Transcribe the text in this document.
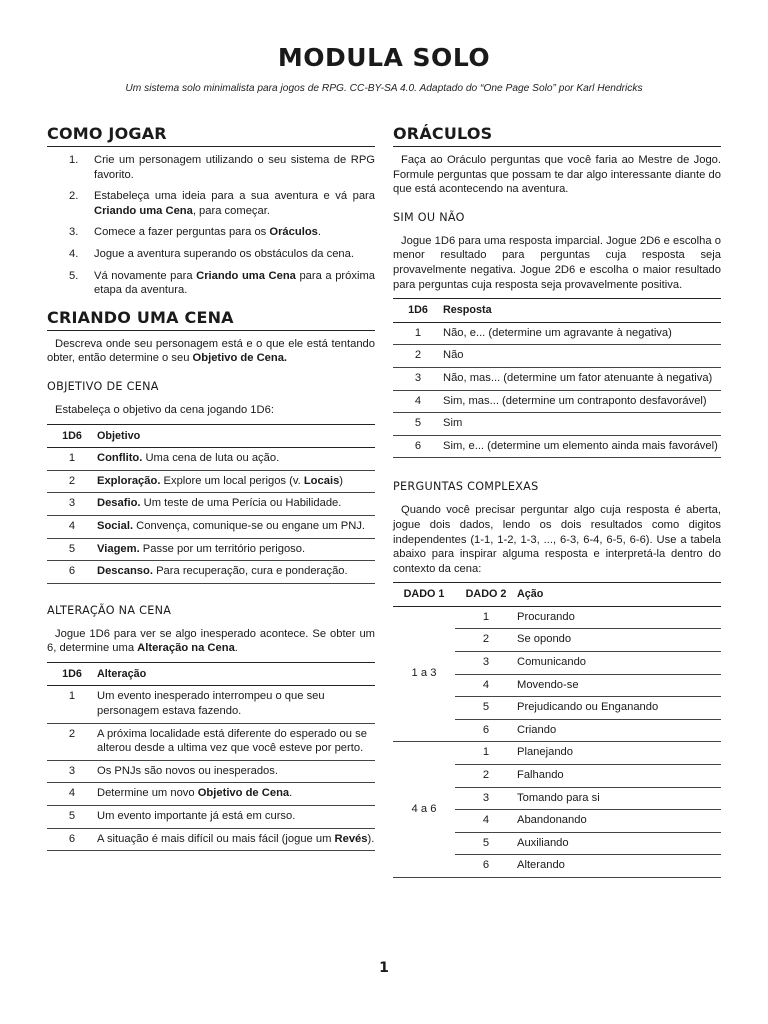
MODULA SOLO
Um sistema solo minimalista para jogos de RPG. CC-BY-SA 4.0. Adaptado do “One Page Solo” por Karl Hendricks
COMO JOGAR
1.	Crie um personagem utilizando o seu sistema de RPG favorito.
2.	Estabeleça uma ideia para a sua aventura e vá para Criando uma Cena, para começar.
3.	Comece a fazer perguntas para os Oráculos.
4.	Jogue a aventura superando os obstáculos da cena.
5.	Vá novamente para Criando uma Cena para a próxima etapa da aventura.
CRIANDO UMA CENA

Descreva onde seu personagem está e o que ele está tentando obter, então determine o seu Objetivo de Cena.

OBJETIVO DE CENA

Estabeleça o objetivo da cena jogando 1D6:

1D6	Objetivo
1	Conflito. Uma cena de luta ou ação.
2	Exploração. Explore um local perigos (v. Locais)
3	Desafio. Um teste de uma Perícia ou Habilidade.
4	Social. Convença, comunique-se ou engane um PNJ.
5	Viagem. Passe por um território perigoso.
6	Descanso. Para recuperação, cura e ponderação.
ALTERAÇÃO NA CENA

Jogue 1D6 para ver se algo inesperado acontece. Se obter um 6, determine uma Alteração na Cena.

1D6	Alteração
1	Um evento inesperado interrompeu o que seu personagem estava fazendo.
2	A próxima localidade está diferente do esperado ou se alterou desde a ultima vez que você esteve por perto.
3	Os PNJs são novos ou inesperados.
4	Determine um novo Objetivo de Cena.
5	Um evento importante já está em curso.
6	A situação é mais difícil ou mais fácil (jogue um Revés).
ORÁCULOS

Faça ao Oráculo perguntas que você faria ao Mestre de Jogo. Formule perguntas que possam te dar algo interessante diante do que está acontecendo na aventura.

SIM OU NÃO

Jogue 1D6 para uma resposta imparcial. Jogue 2D6 e escolha o menor resultado para perguntas cuja resposta seja provavelmente negativa. Jogue 2D6 e escolha o maior resultado para perguntas cuja resposta seja provavelmente positiva.

1D6	Resposta
1	Não, e... (determine um agravante à negativa)
2	Não
3	Não, mas... (determine um fator atenuante à negativa)
4	Sim, mas... (determine um contraponto desfavorável)
5	Sim
6	Sim, e... (determine um elemento ainda mais favorável)
PERGUNTAS COMPLEXAS

Quando você precisar perguntar algo cuja resposta é aberta, jogue dois dados, lendo os dois resultados como digitos independentes (1-1, 1-2, 1-3, ..., 6-3, 6-4, 6-5, 6-6). Use a tabela abaixo para inspirar alguma resposta e interpretá-la dentro do contexto da cena:

DADO 1	DADO 2	Ação
1 a 3	1	Procurando
	2	Se opondo
	3	Comunicando
	4	Movendo-se
	5	Prejudicando ou Enganando
	6	Criando
4 a 6	1	Planejando
	2	Falhando
	3	Tomando para si
	4	Abandonando
	5	Auxiliando
	6	Alterando
1
